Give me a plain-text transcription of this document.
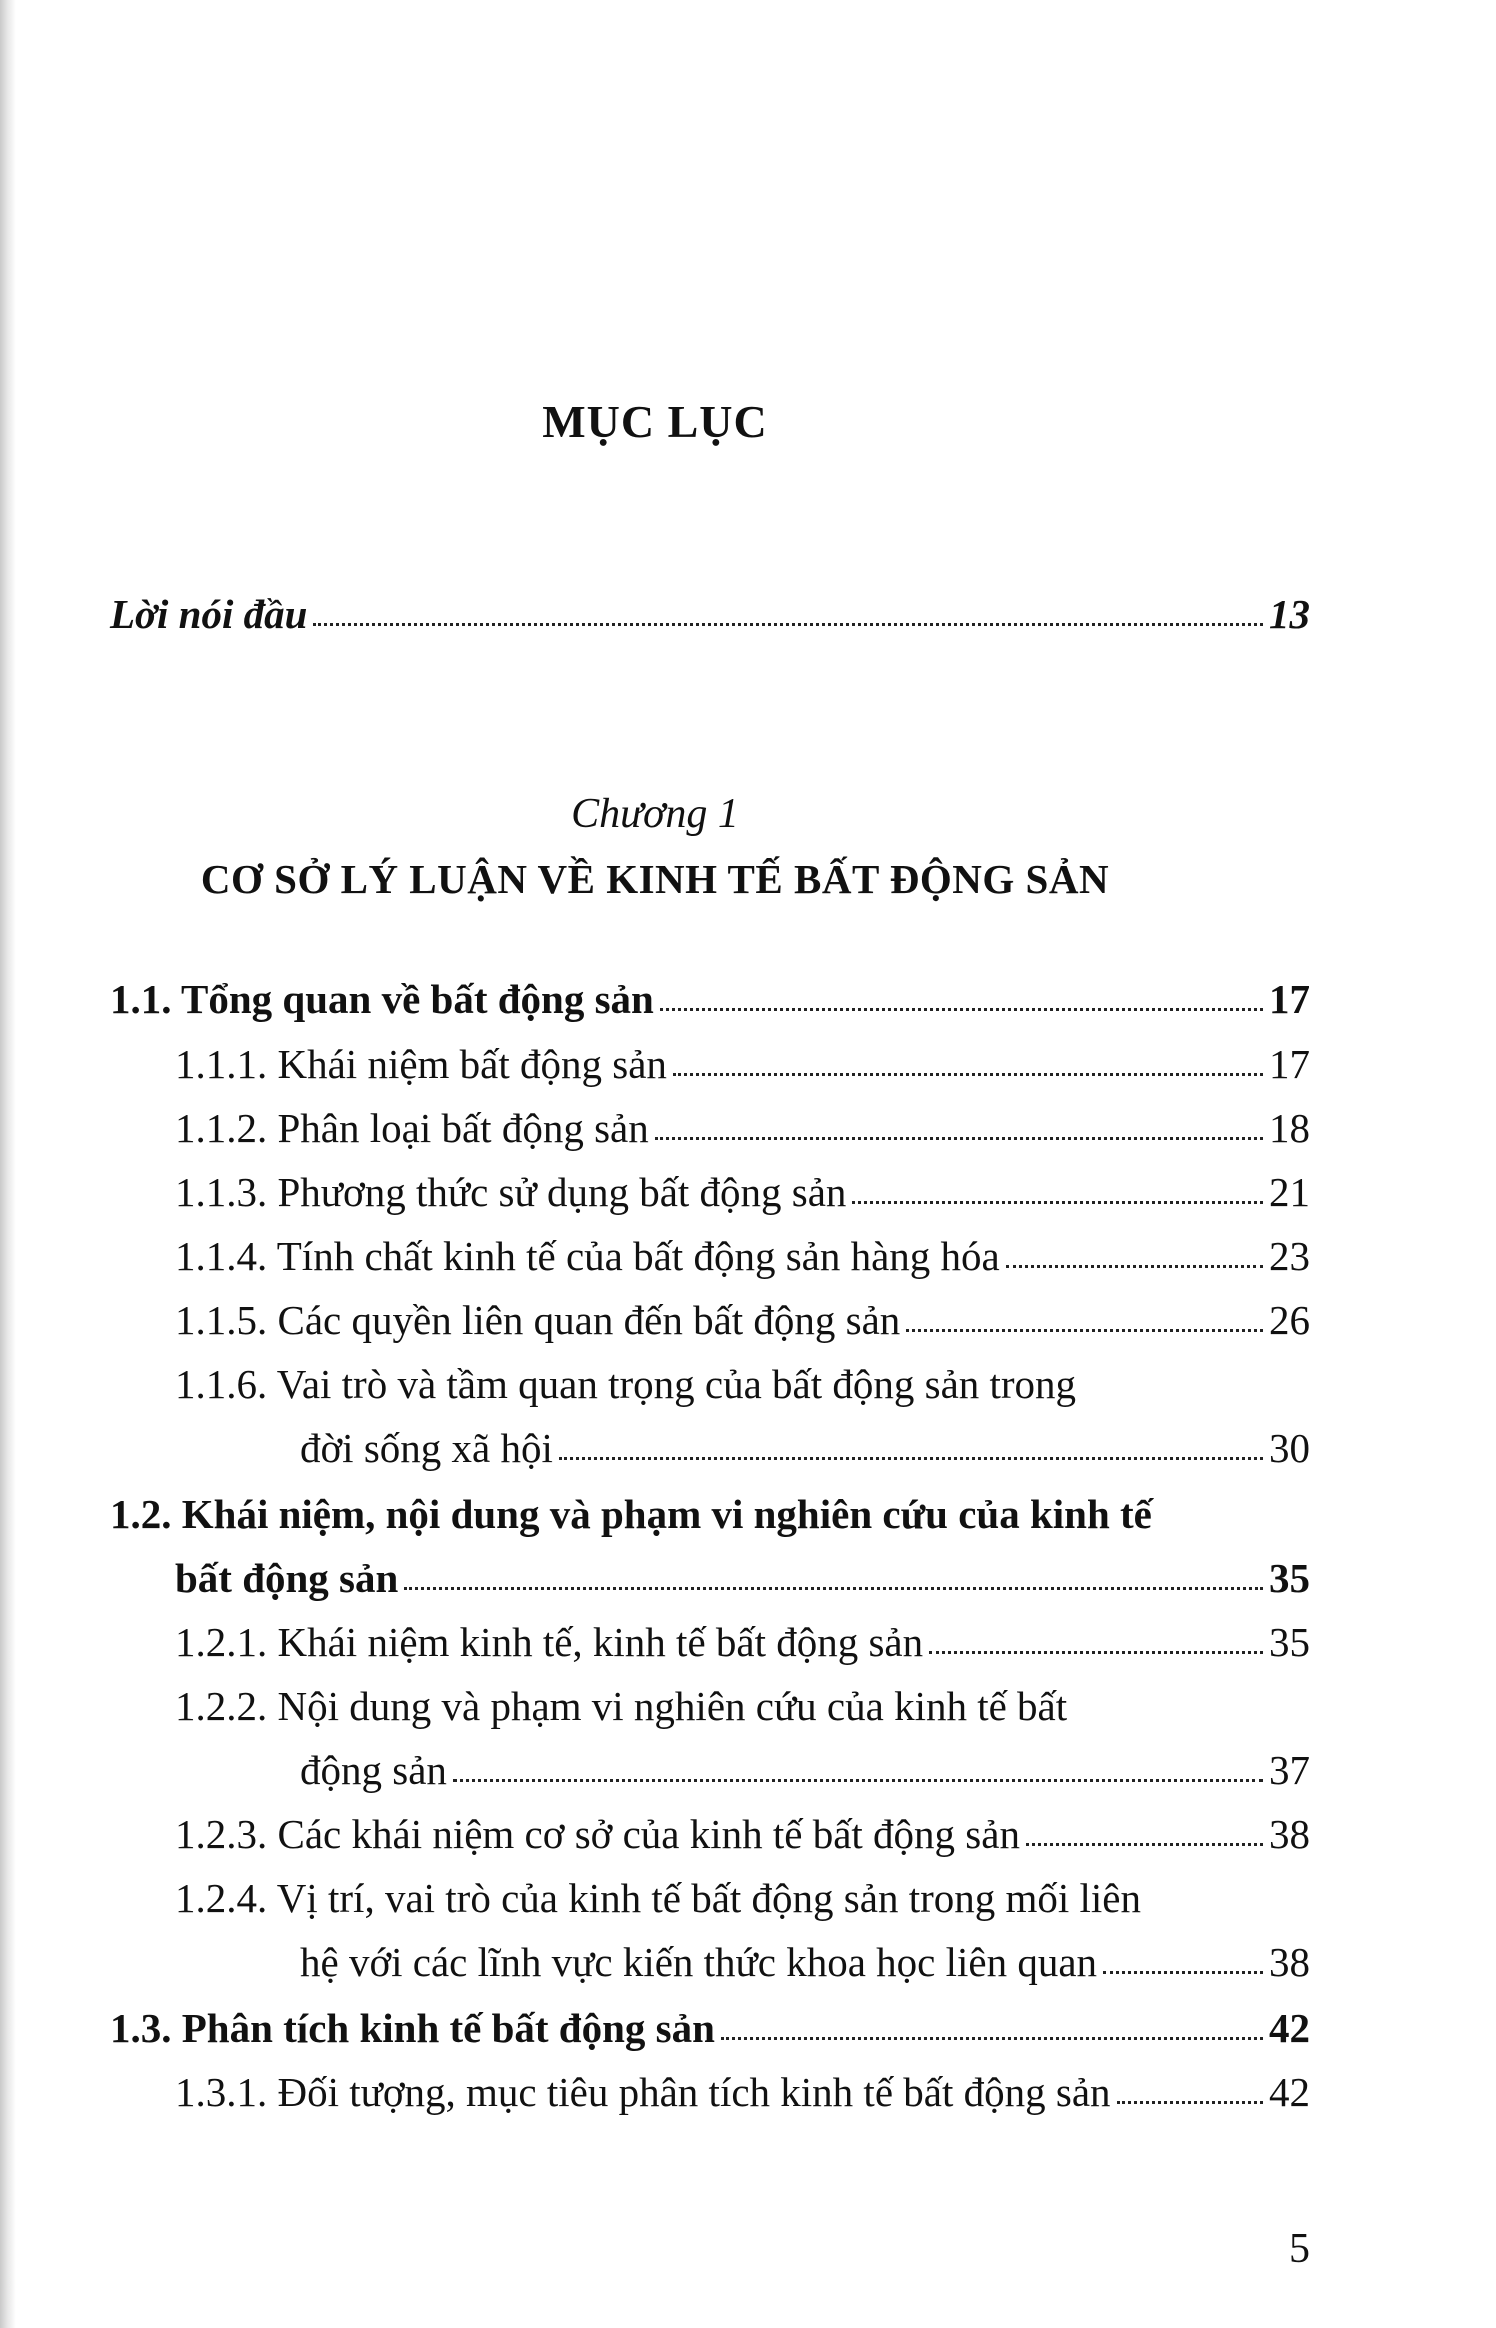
MỤC LỤC
Lời nói đầu	13
Chương 1
CƠ SỞ LÝ LUẬN VỀ KINH TẾ BẤT ĐỘNG SẢN
1.1. Tổng quan về bất động sản	17
1.1.1. Khái niệm bất động sản	17
1.1.2. Phân loại bất động sản	18
1.1.3. Phương thức sử dụng bất động sản	21
1.1.4. Tính chất kinh tế của bất động sản hàng hóa	23
1.1.5. Các quyền liên quan đến bất động sản	26
1.1.6. Vai trò và tầm quan trọng của bất động sản trong
đời sống xã hội	30
1.2. Khái niệm, nội dung và phạm vi nghiên cứu của kinh tế
bất động sản	35
1.2.1. Khái niệm kinh tế, kinh tế bất động sản	35
1.2.2. Nội dung và phạm vi nghiên cứu của kinh tế bất
động sản	37
1.2.3. Các khái niệm cơ sở của kinh tế bất động sản	38
1.2.4. Vị trí, vai trò của kinh tế bất động sản trong mối liên
hệ với các lĩnh vực kiến thức khoa học liên quan	38
1.3. Phân tích kinh tế bất động sản	42
1.3.1. Đối tượng, mục tiêu phân tích kinh tế bất động sản	42
5
